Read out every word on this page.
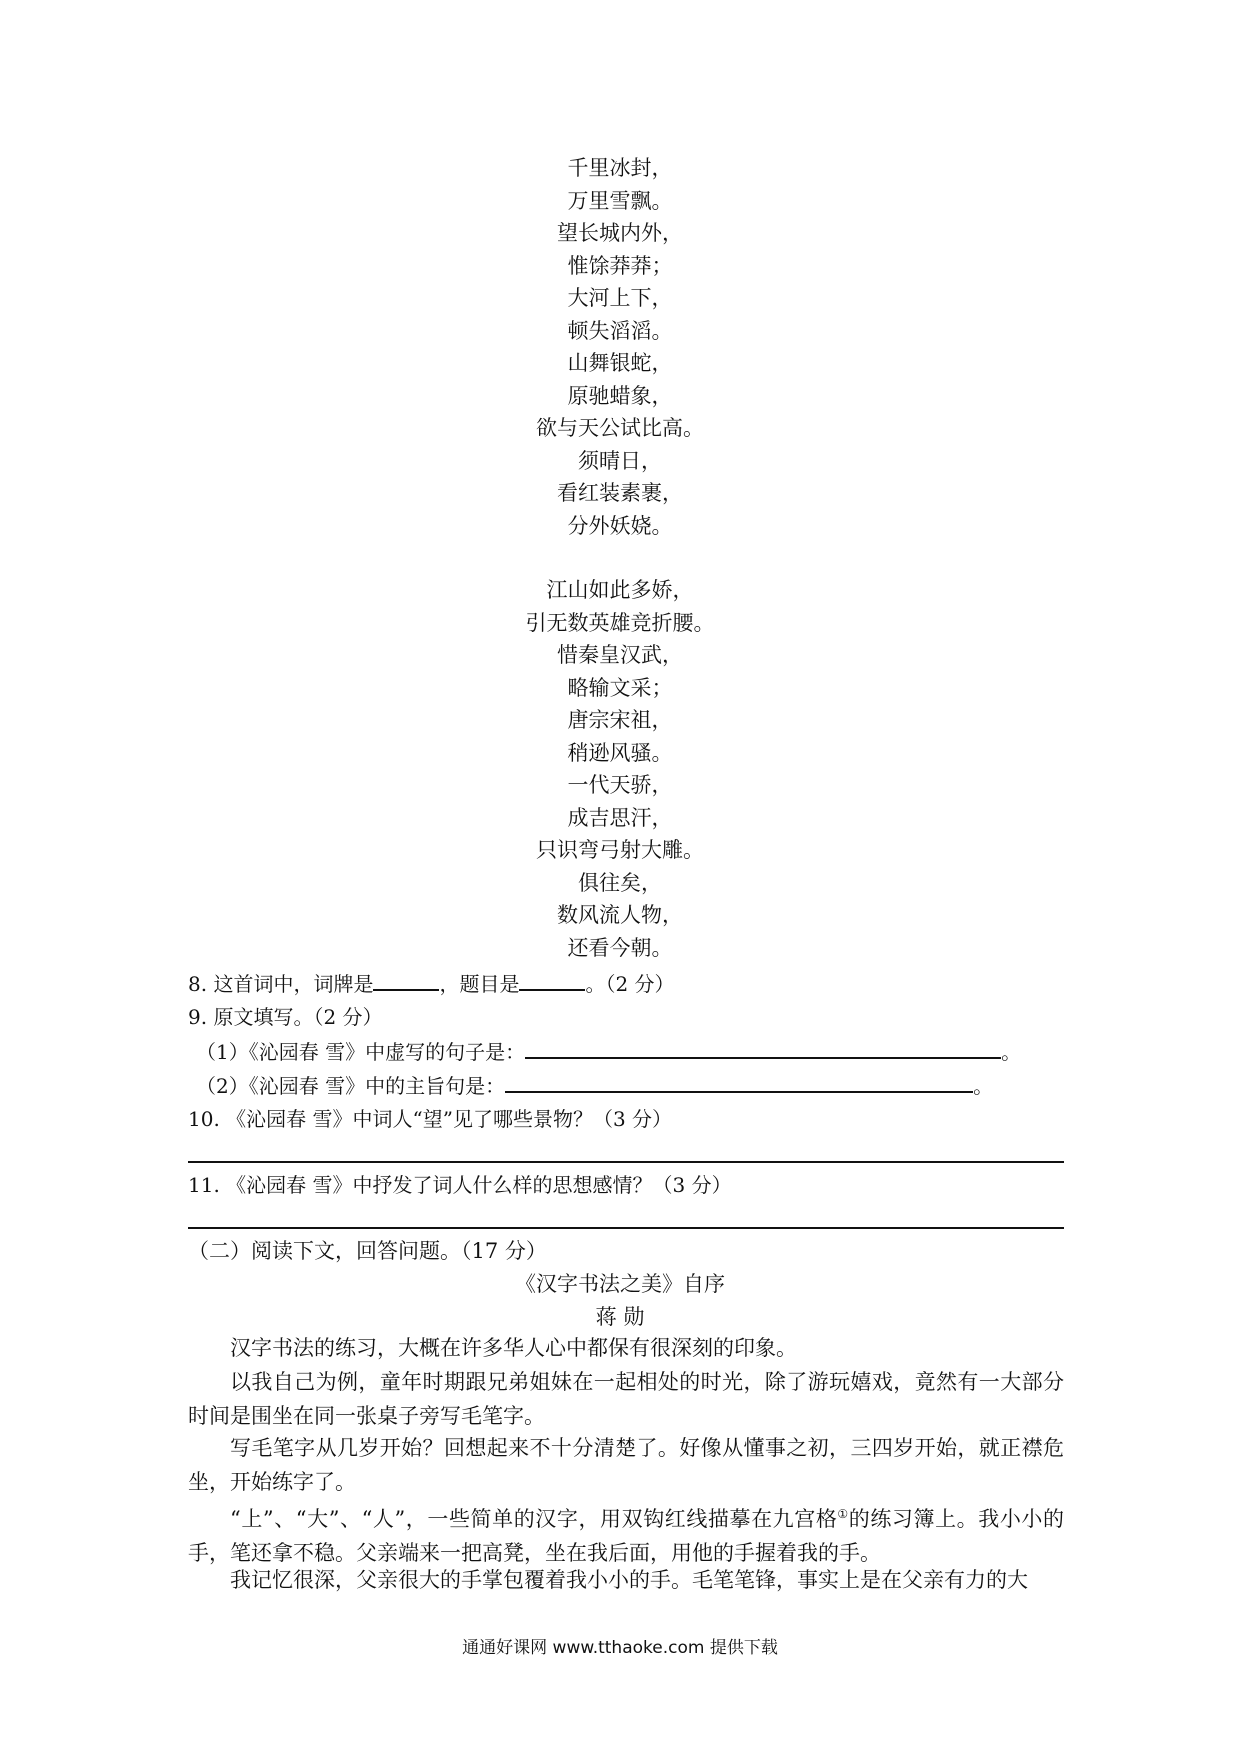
千里冰封，
万里雪飘。
望长城内外，
惟馀莽莽；
大河上下，
顿失滔滔。
山舞银蛇，
原驰蜡象，
欲与天公试比高。
须晴日，
看红装素裹，
分外妖娆。
江山如此多娇，
引无数英雄竞折腰。
惜秦皇汉武，
略输文采；
唐宗宋祖，
稍逊风骚。
一代天骄，
成吉思汗，
只识弯弓射大雕。
俱往矣，
数风流人物，
还看今朝。
8. 这首词中，词牌是	，题目是	。（2 分）
9. 原文填写。（2 分）
（1）《沁园春 雪》中虚写的句子是：	。
（2）《沁园春 雪》中的主旨句是：	。
10. 《沁园春 雪》中词人“望”见了哪些景物？（3 分）
11. 《沁园春 雪》中抒发了词人什么样的思想感情？（3 分）
（二）阅读下文，回答问题。（17 分）
《汉字书法之美》自序
蒋 勋
汉字书法的练习，大概在许多华人心中都保有很深刻的印象。
以我自己为例，童年时期跟兄弟姐妹在一起相处的时光，除了游玩嬉戏，竟然有一大部分时间是围坐在同一张桌子旁写毛笔字。
写毛笔字从几岁开始？回想起来不十分清楚了。好像从懂事之初，三四岁开始，就正襟危坐，开始练字了。
“上”、“大”、“人”，一些简单的汉字，用双钩红线描摹在九宫格①的练习簿上。我小小的手，笔还拿不稳。父亲端来一把高凳，坐在我后面，用他的手握着我的手。
我记忆很深，父亲很大的手掌包覆着我小小的手。毛笔笔锋，事实上是在父亲有力的大
通通好课网 www.tthaoke.com 提供下载
